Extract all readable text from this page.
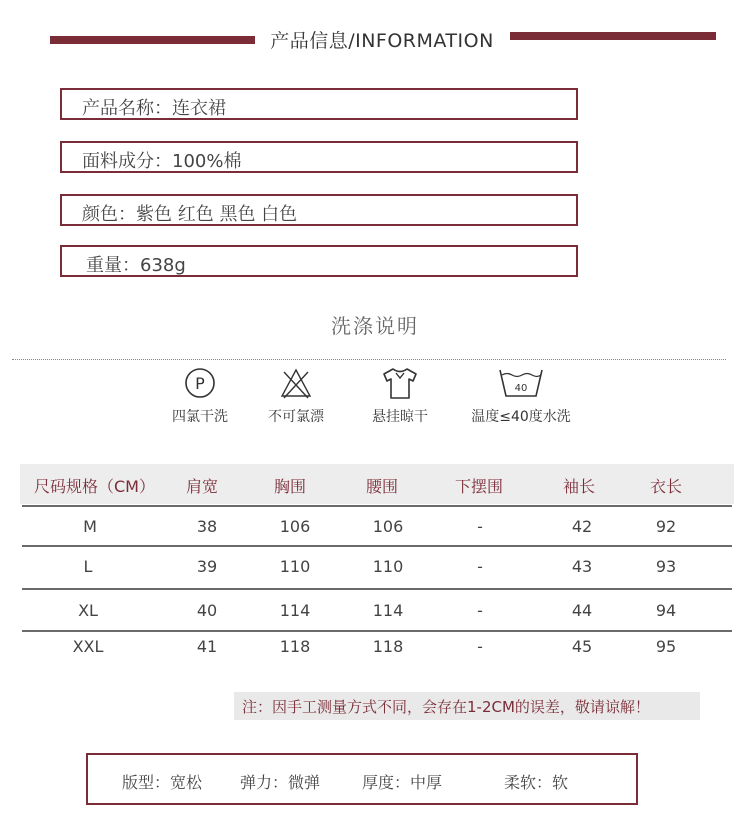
产品信息/INFORMATION
产品名称：连衣裙
面料成分：100%棉
颜色：紫色 红色 黑色 白色
重量：638g
洗涤说明
P
四氯干洗	不可氯漂	悬挂晾干
40
温度≤40度水洗
尺码规格（CM） 肩宽	胸围	腰围	下摆围	袖长	衣长
M	38	106	106	-	42	92
L	39	110	110	-	43	93
XL	40	114	114	-	44	94
XXL	41	118	118	-	45	95
注：因手工测量方式不同，会存在1-2CM的误差，敬请谅解！
版型：宽松 弹力：微弹	厚度：中厚	柔软：软
